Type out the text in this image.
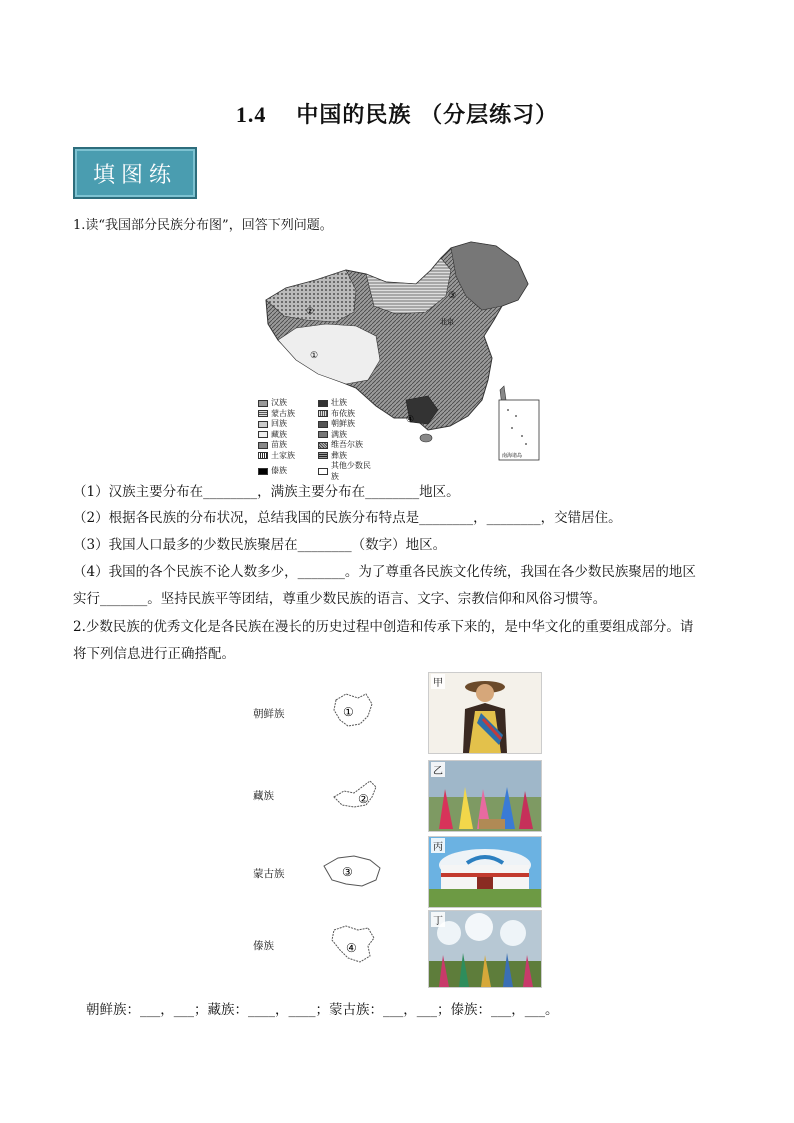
1.4 中国的民族 （分层练习）
填图练
1.读“我国部分民族分布图”，回答下列问题。
①
②
③
④
北京
南海诸岛
汉族	壮族
蒙古族	布依族
回族	朝鲜族
藏族	满族
苗族	维吾尔族
土家族	彝族
傣族
其他少数民族
（1）汉族主要分布在________，满族主要分布在________地区。
（2）根据各民族的分布状况，总结我国的民族分布特点是________，________，交错居住。
（3）我国人口最多的少数民族聚居在________（数字）地区。
（4）我国的各个民族不论人数多少，_______。为了尊重各民族文化传统，我国在各少数民族聚居的地区
实行_______。坚持民族平等团结，尊重少数民族的语言、文字、宗教信仰和风俗习惯等。
2.少数民族的优秀文化是各民族在漫长的历史过程中创造和传承下来的，是中华文化的重要组成部分。请
将下列信息进行正确搭配。
朝鲜族
藏族
蒙古族
傣族
①
②
③
④
甲
乙
丙
丁
朝鲜族：___，___；藏族：____，____；蒙古族：___，___；傣族：___，___。
